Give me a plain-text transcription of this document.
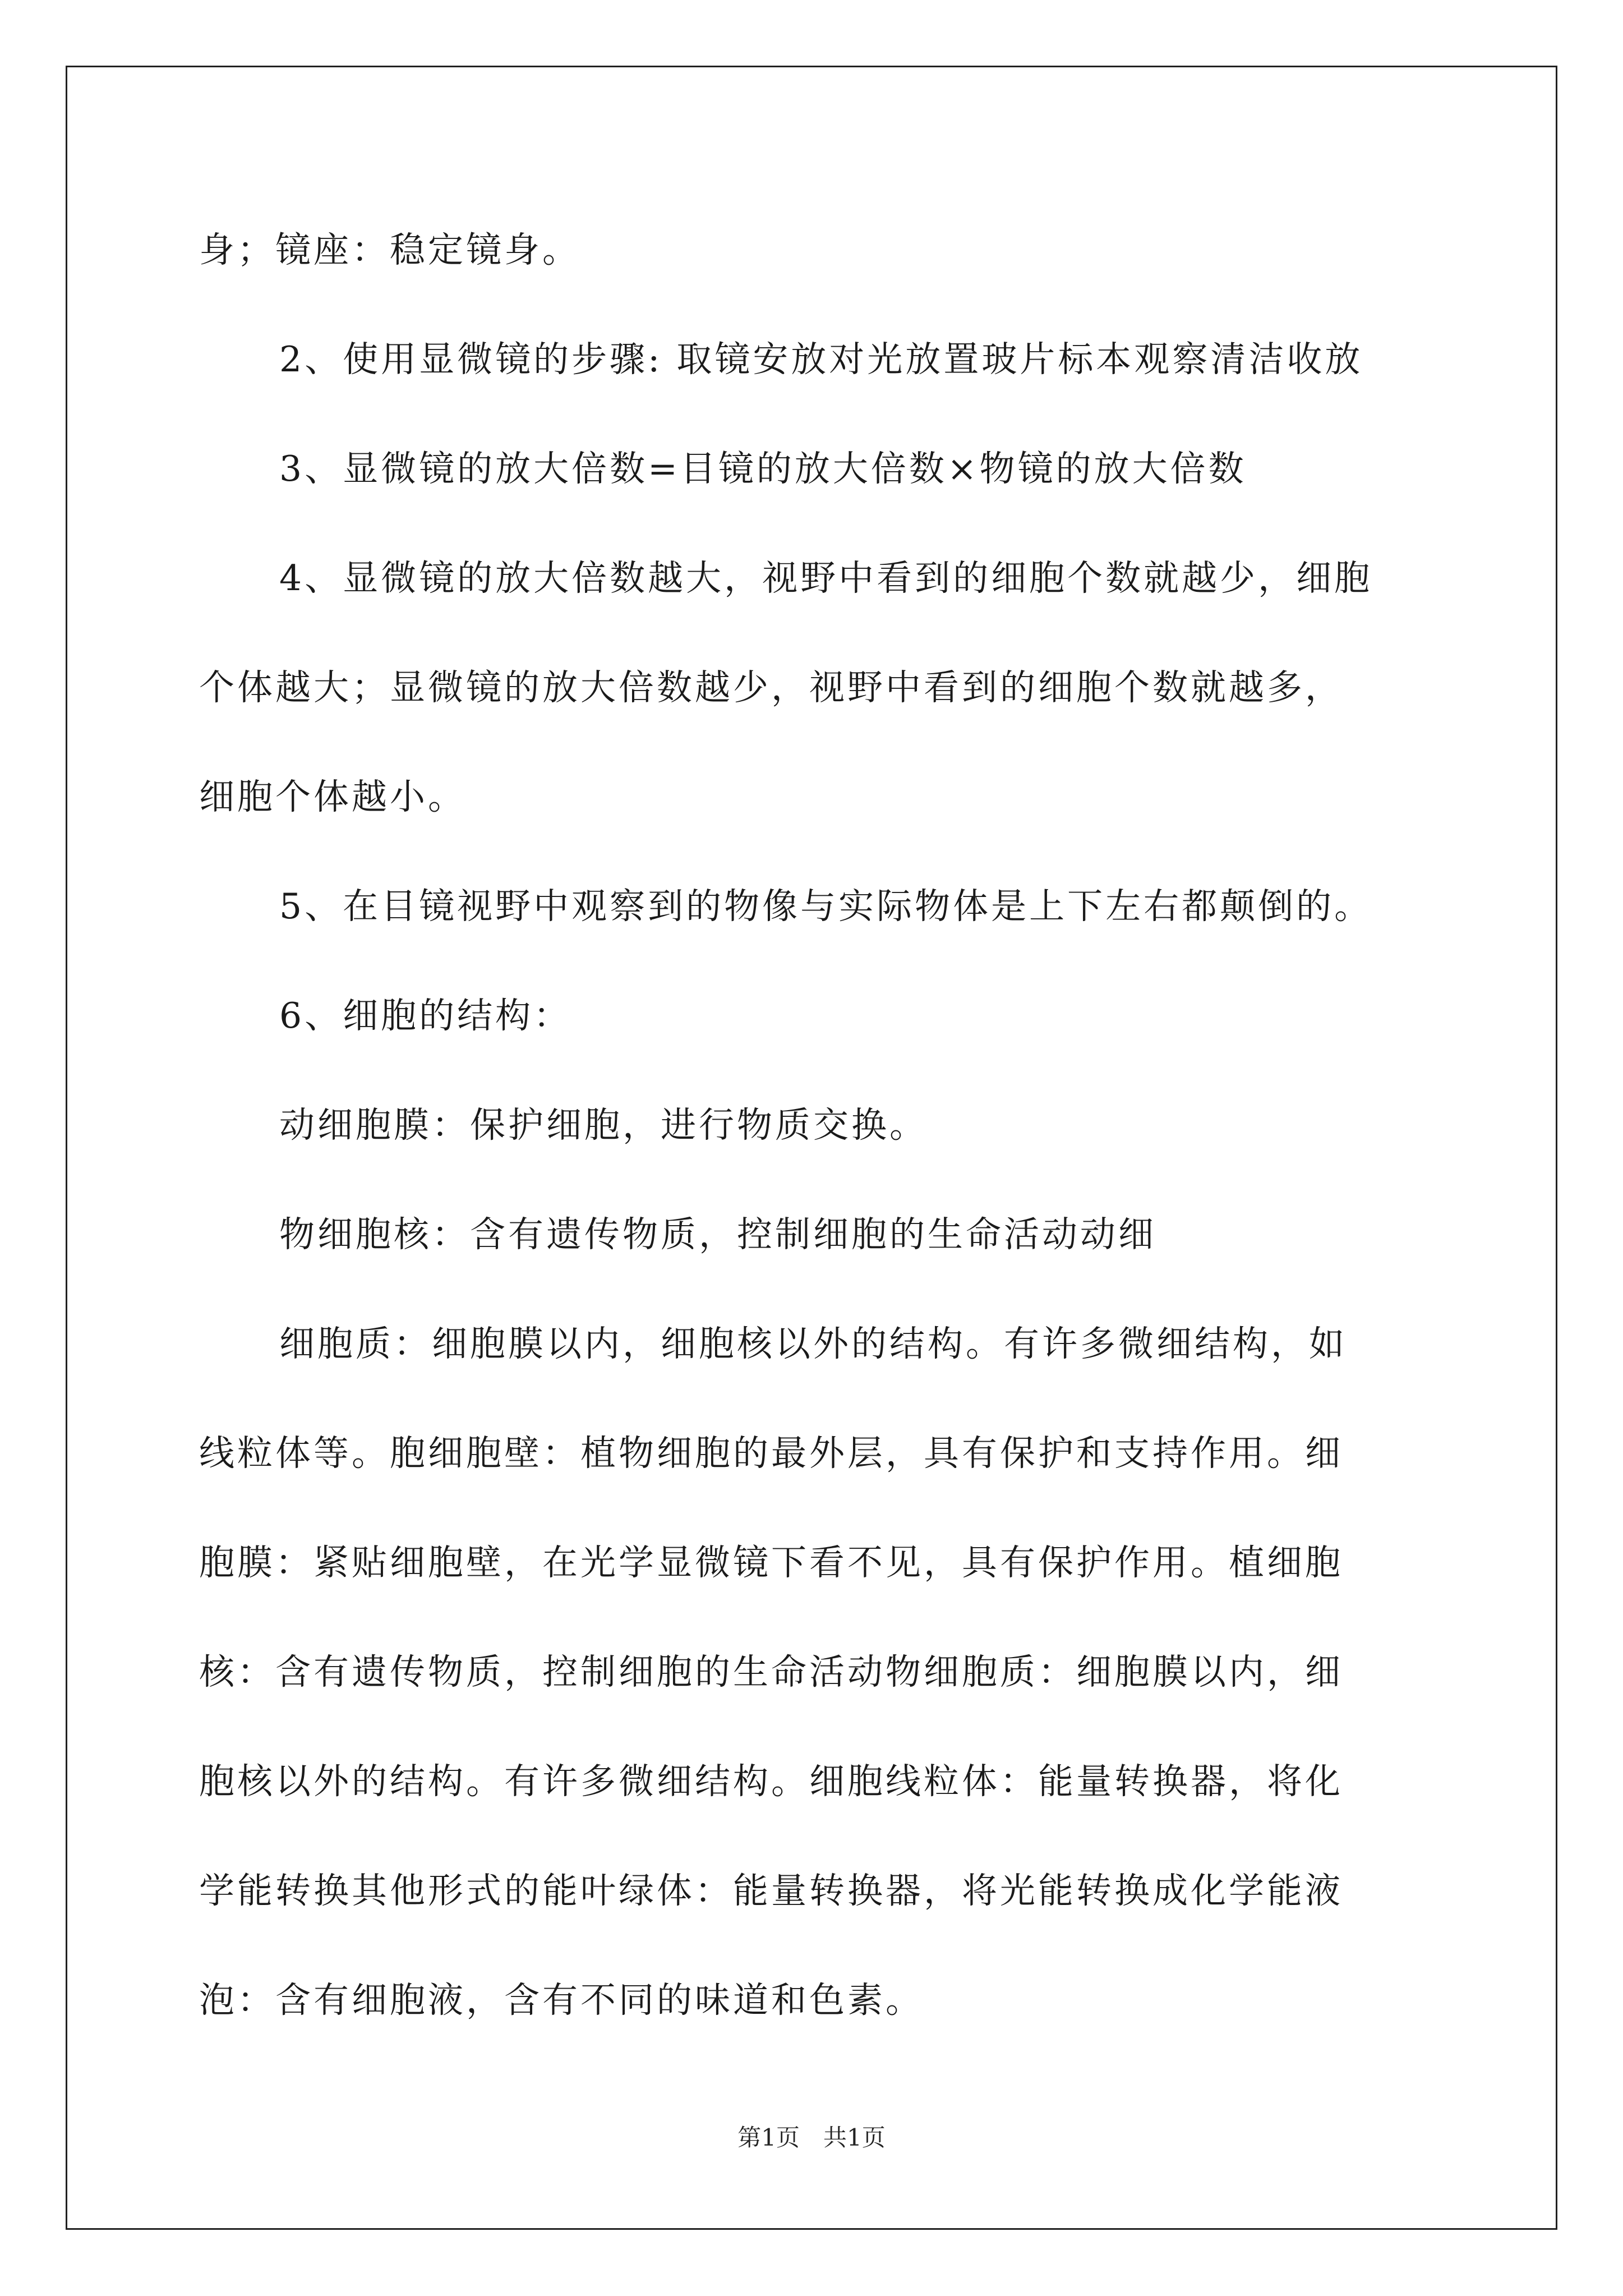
身；镜座：稳定镜身。
2、使用显微镜的步骤: 取镜安放对光放置玻片标本观察清洁收放
3、显微镜的放大倍数=目镜的放大倍数×物镜的放大倍数
4、显微镜的放大倍数越大，视野中看到的细胞个数就越少，细胞
个体越大；显微镜的放大倍数越少，视野中看到的细胞个数就越多，
细胞个体越小。
5、在目镜视野中观察到的物像与实际物体是上下左右都颠倒的。
6、细胞的结构：
动细胞膜：保护细胞，进行物质交换。
物细胞核：含有遗传物质，控制细胞的生命活动动细
细胞质：细胞膜以内，细胞核以外的结构。有许多微细结构，如
线粒体等。胞细胞壁：植物细胞的最外层，具有保护和支持作用。细
胞膜：紧贴细胞壁，在光学显微镜下看不见，具有保护作用。植细胞
核：含有遗传物质，控制细胞的生命活动物细胞质：细胞膜以内，细
胞核以外的结构。有许多微细结构。细胞线粒体：能量转换器，将化
学能转换其他形式的能叶绿体：能量转换器，将光能转换成化学能液
泡：含有细胞液，含有不同的味道和色素。
第1页　共1页
